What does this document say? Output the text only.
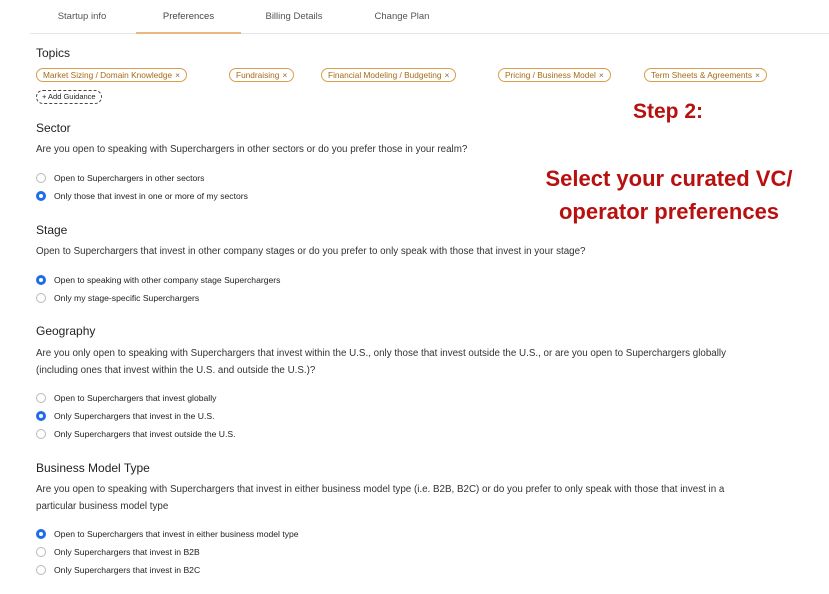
Startup info	Preferences	Billing Details	Change Plan
Topics
Market Sizing / Domain Knowledge ×	Fundraising ×	Financial Modeling / Budgeting ×	Pricing / Business Model ×	Term Sheets & Agreements ×
+ Add Guidance
Sector
Are you open to speaking with Superchargers in other sectors or do you prefer those in your realm?
Open to Superchargers in other sectors
Only those that invest in one or more of my sectors
Stage
Open to Superchargers that invest in other company stages or do you prefer to only speak with those that invest in your stage?
Open to speaking with other company stage Superchargers
Only my stage-specific Superchargers
Geography
Are you only open to speaking with Superchargers that invest within the U.S., only those that invest outside the U.S., or are you open to Superchargers globally
(including ones that invest within the U.S. and outside the U.S.)?
Open to Superchargers that invest globally
Only Superchargers that invest in the U.S.
Only Superchargers that invest outside the U.S.
Business Model Type
Are you open to speaking with Superchargers that invest in either business model type (i.e. B2B, B2C) or do you prefer to only speak with those that invest in a
particular business model type
Open to Superchargers that invest in either business model type
Only Superchargers that invest in B2B
Only Superchargers that invest in B2C
Step 2:
Select your curated VC/
operator preferences
